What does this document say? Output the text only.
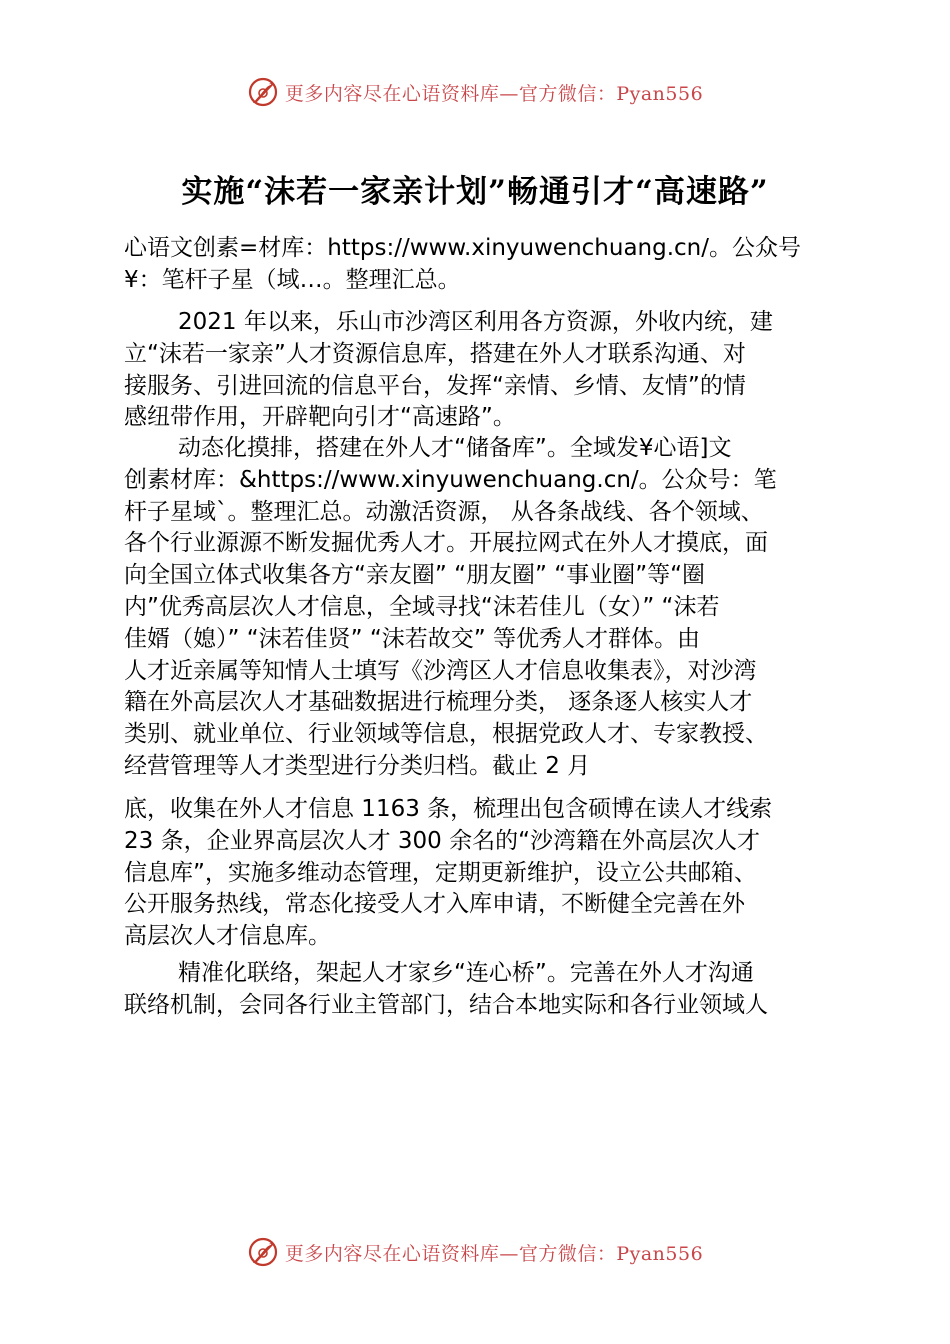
更多内容尽在心语资料库—官方微信：Pyan556
实施“沫若一家亲计划”畅通引才“高速路”
心语文创素=材库：https://www.xinyuwenchuang.cn/。公众号
¥：笔杆子星（域…。整理汇总。
2021 年以来，乐山市沙湾区利用各方资源，外收内统，建
立“沫若一家亲”人才资源信息库，搭建在外人才联系沟通、对
接服务、引进回流的信息平台，发挥“亲情、乡情、友情”的情
感纽带作用，开辟靶向引才“高速路”。
动态化摸排，搭建在外人才“储备库”。全域发¥心语]文
创素材库：&https://www.xinyuwenchuang.cn/。公众号：笔
杆子星域`。整理汇总。动激活资源， 从各条战线、各个领域、
各个行业源源不断发掘优秀人才。开展拉网式在外人才摸底，面
向全国立体式收集各方“亲友圈” “朋友圈” “事业圈”等“圈
内”优秀高层次人才信息，全域寻找“沫若佳儿（女）” “沫若
佳婿（媳）” “沫若佳贤” “沫若故交” 等优秀人才群体。由
人才近亲属等知情人士填写《沙湾区人才信息收集表》，对沙湾
籍在外高层次人才基础数据进行梳理分类， 逐条逐人核实人才
类别、就业单位、行业领域等信息，根据党政人才、专家教授、
经营管理等人才类型进行分类归档。截止 2 月
底，收集在外人才信息 1163 条，梳理出包含硕博在读人才线索
23 条，企业界高层次人才 300 余名的“沙湾籍在外高层次人才
信息库”，实施多维动态管理，定期更新维护，设立公共邮箱、
公开服务热线，常态化接受人才入库申请，不断健全完善在外
高层次人才信息库。
精准化联络，架起人才家乡“连心桥”。完善在外人才沟通
联络机制，会同各行业主管部门，结合本地实际和各行业领域人
更多内容尽在心语资料库—官方微信：Pyan556
